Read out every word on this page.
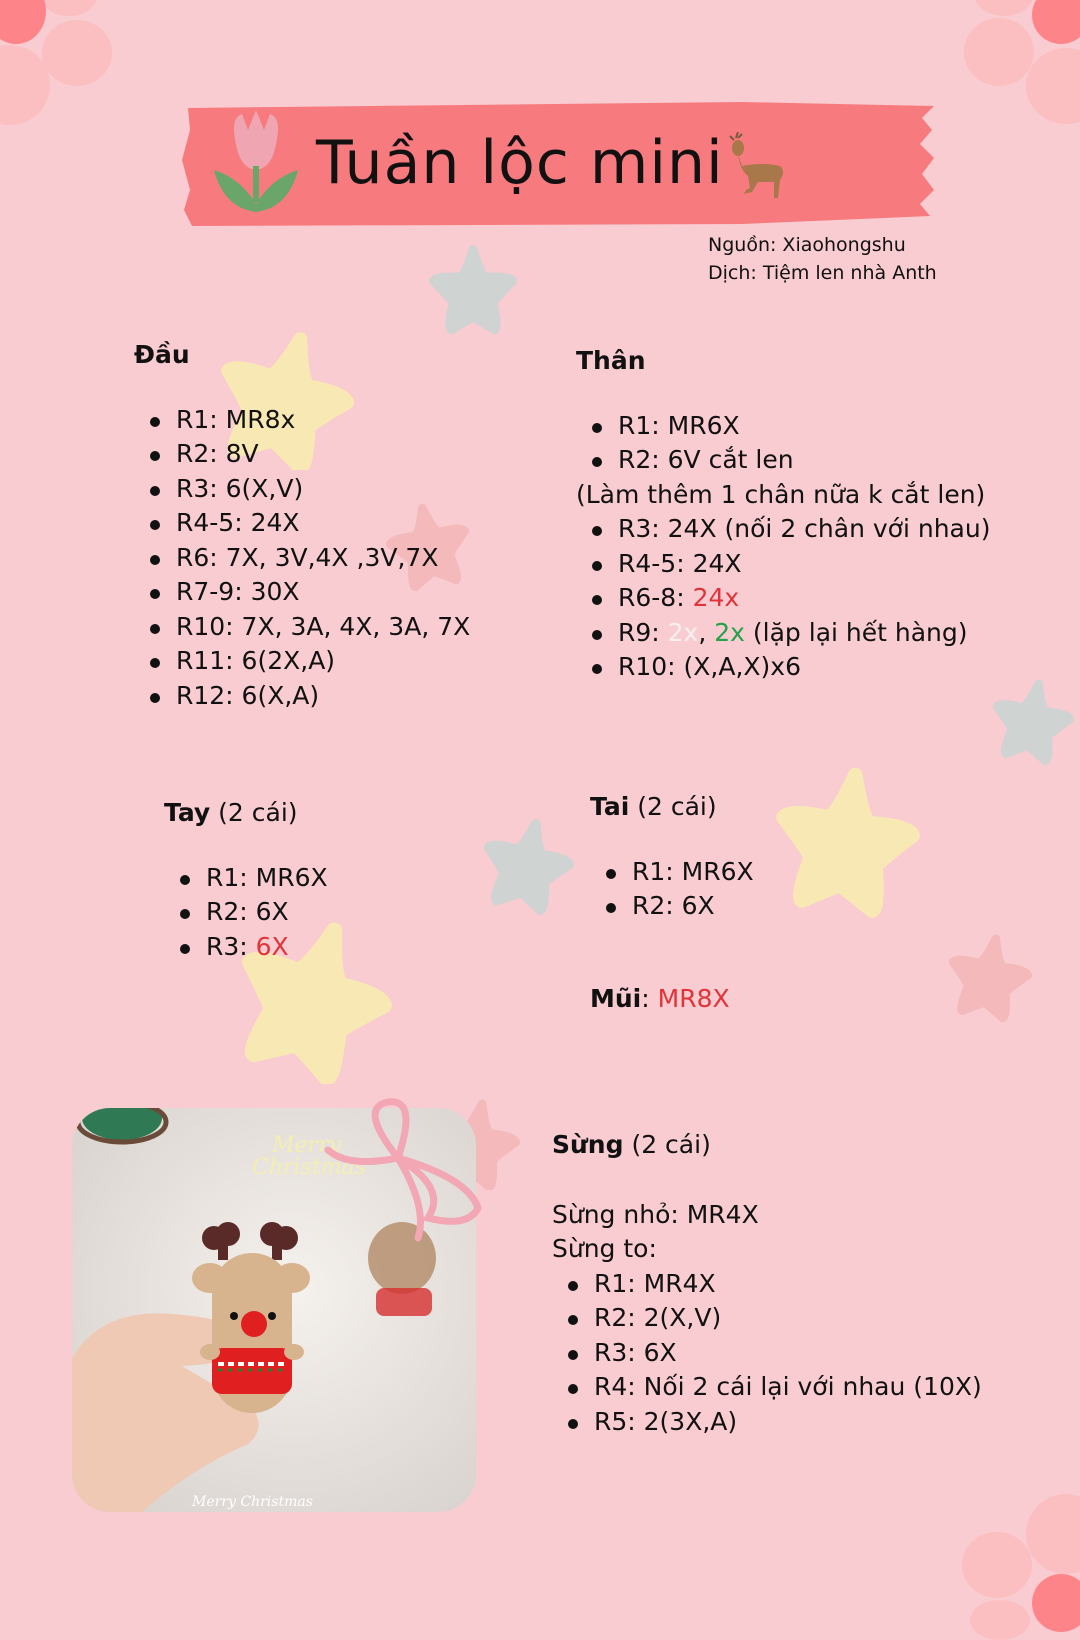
Tuần lộc mini
Nguồn: Xiaohongshu
Dịch: Tiệm len nhà Anth
Đầu
R1: MR8x
R2: 8V
R3: 6(X,V)
R4-5: 24X
R6: 7X, 3V,4X ,3V,7X
R7-9: 30X
R10: 7X, 3A, 4X, 3A, 7X
R11: 6(2X,A)
R12: 6(X,A)
Thân
R1: MR6X
R2: 6V cắt len
(Làm thêm 1 chân nữa k cắt len)
R3: 24X (nối 2 chân với nhau)
R4-5: 24X
R6-8: 24x
R9: 2x, 2x (lặp lại hết hàng)
R10: (X,A,X)x6
Tay (2 cái)
R1: MR6X
R2: 6X
R3: 6X
Tai (2 cái)
R1: MR6X
R2: 6X
Mũi: MR8X
Merry
Christmas
Merry Christmas
Sừng (2 cái)
Sừng nhỏ: MR4X
Sừng to:
R1: MR4X
R2: 2(X,V)
R3: 6X
R4: Nối 2 cái lại với nhau (10X)
R5: 2(3X,A)
